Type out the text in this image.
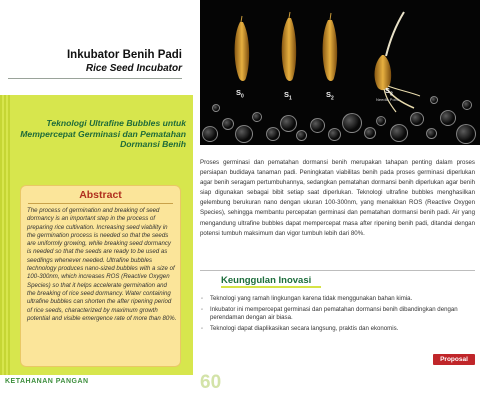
Inkubator Benih Padi
Rice Seed Incubator
Teknologi Ultrafine Bubbles untuk Mempercepat Germinasi dan Pematahan Dormansi Benih
Abstract
The process of germination and breaking of seed dormancy is an important step in the process of preparing rice cultivation. Increasing seed viability in the germination process is needed so that the seeds are uniformly growing, while breaking seed dormancy is needed so that the seeds are ready to be used as seedlings whenever needed. Ultrafine bubbles technology produces nano-sized bubbles with a size of 100-300nm, which increases ROS (Reactive Oxygen Species) so that it helps accelerate germination and the breaking of rice seed dormancy. Water containing ultrafine bubbles can shorten the after ripening period of rice seeds, characterized by maximum growth potential and visible emergence rate of more than 80%.
KETAHANAN PANGAN	60
$S_0$	$S_1$	$S_2$
$S_3$
Needle Point
Proses germinasi dan pematahan dormansi benih merupakan tahapan penting dalam proses persiapan budidaya tanaman padi. Peningkatan viabilitas benih pada proses germinasi diperlukan agar benih seragam pertumbuhannya, sedangkan pematahan dormansi benih diperlukan agar benih siap digunakan sebagai bibit setiap saat diperlukan. Teknologi ultrafine bubbles menghasilkan gelembung berukuran nano dengan ukuran 100-300nm, yang menaikkan ROS (Reactive Oxygen Species), sehingga membantu percepatan germinasi dan pematahan dormansi benih padi. Air yang mengandung ultrafine bubbles dapat mempercepat masa after ripening benih padi, ditandai dengan potensi tumbuh maksimum dan vigor tumbuh lebih dari 80%.
Keunggulan Inovasi
◦ Teknologi yang ramah lingkungan karena tidak menggunakan bahan kimia.
◦ Inkubator ini mempercepat germinasi dan pematahan dormansi benih dibandingkan dengan perendaman dengan air biasa.
◦ Teknologi dapat diaplikasikan secara langsung, praktis dan ekonomis.
Proposal
